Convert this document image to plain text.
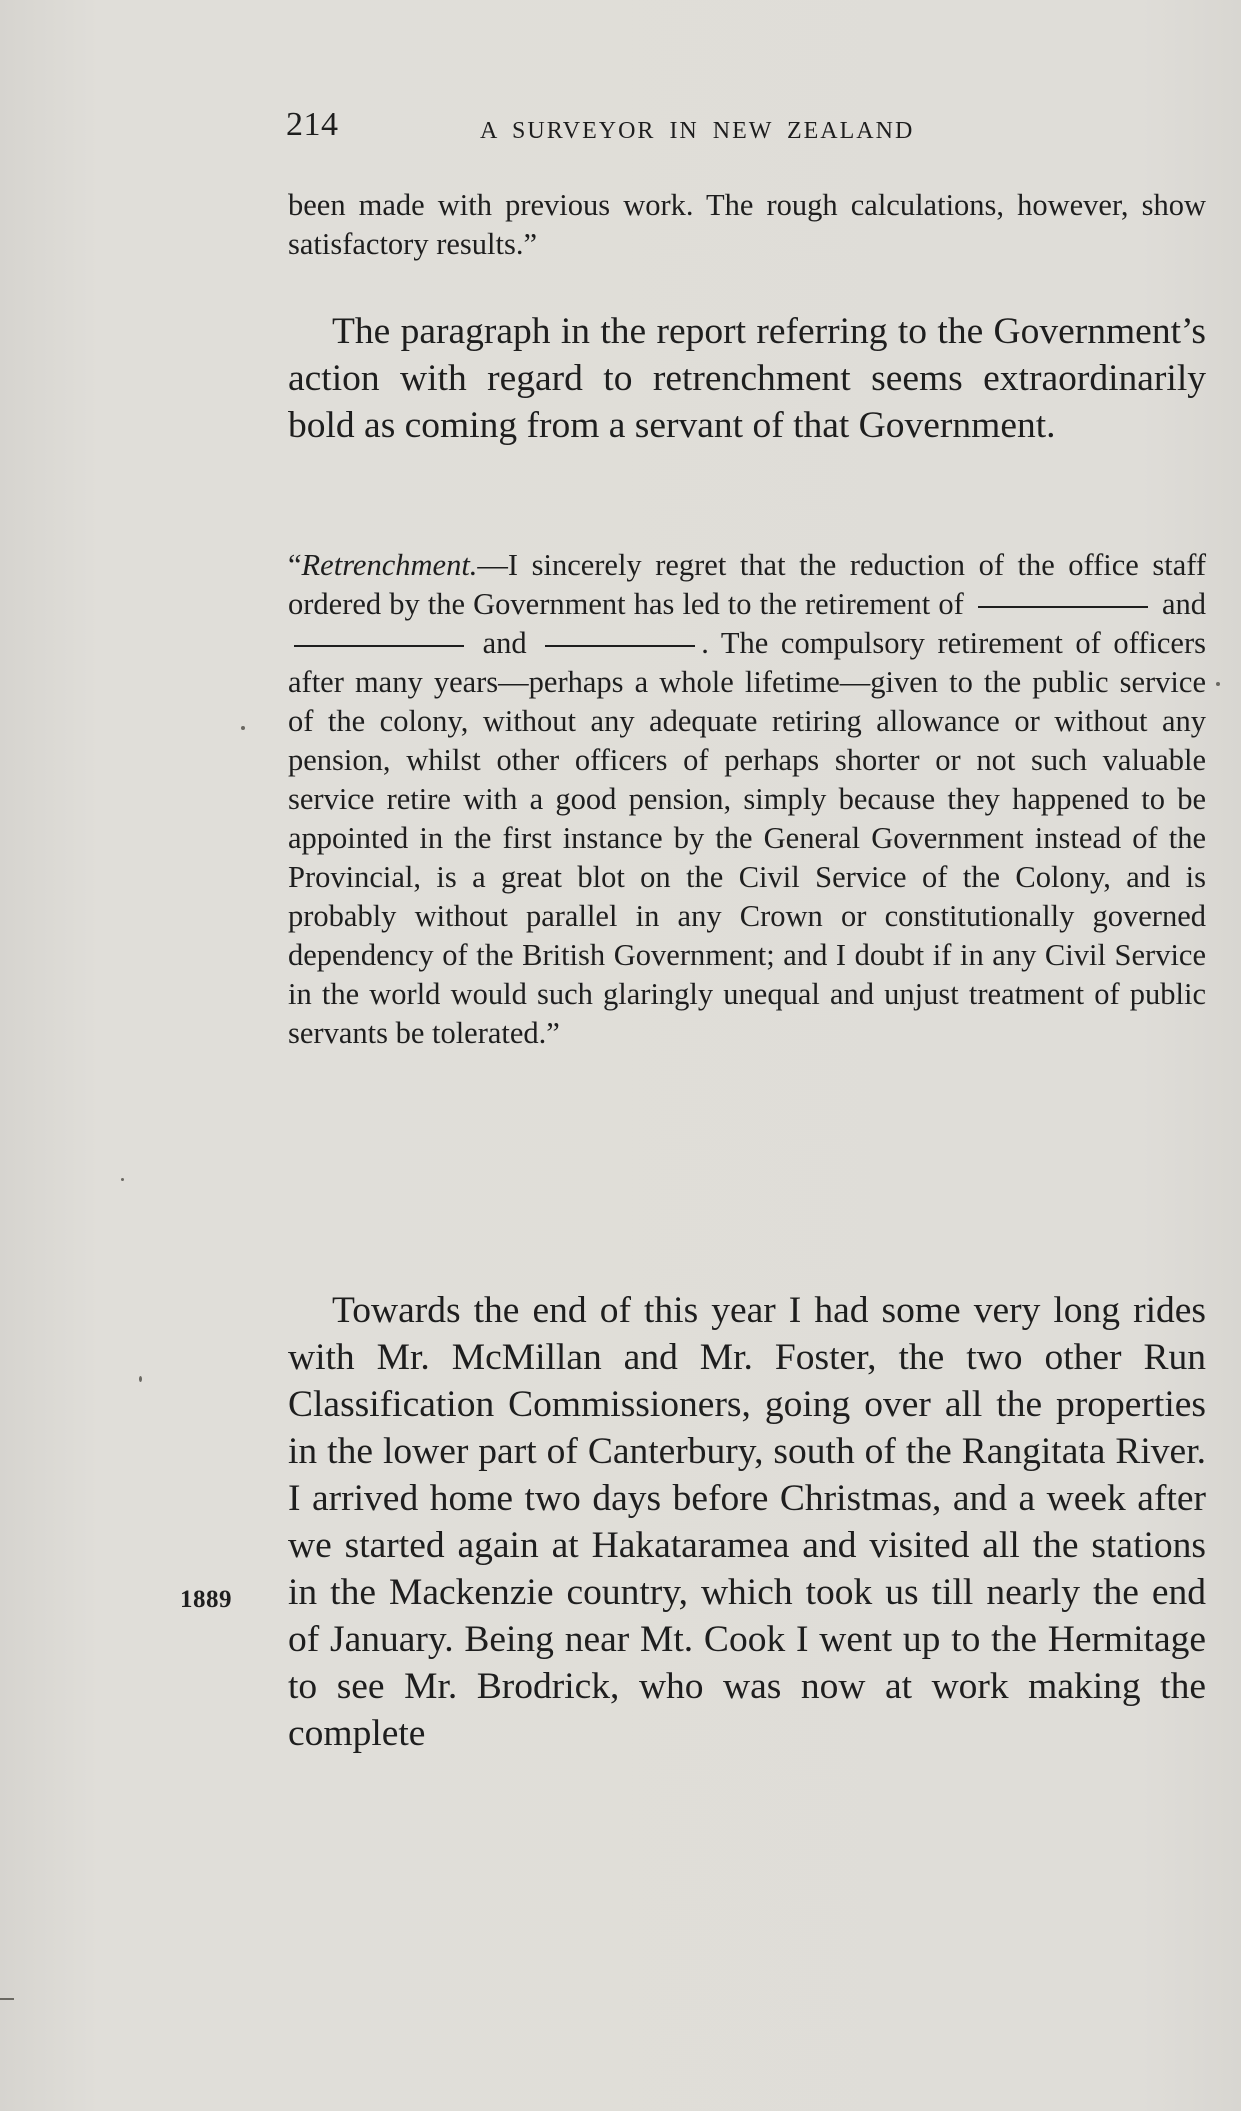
214	A SURVEYOR IN NEW ZEALAND

been made with previous work. The rough calculations, however, show satisfactory results.”

The paragraph in the report referring to the Government’s action with regard to retrenchment seems extraordinarily bold as coming from a servant of that Government.

“Retrenchment.—I sincerely regret that the reduction of the office staff ordered by the Government has led to the retirement of	and  and	. The compulsory retirement of officers after many years—perhaps a whole lifetime—given to the public service of the colony, without any adequate retiring allowance or without any pension, whilst other officers of perhaps shorter or not such valuable service retire with a good pension, simply because they happened to be appointed in the first instance by the General Government instead of the Provincial, is a great blot on the Civil Service of the Colony, and is probably without parallel in any Crown or constitutionally governed dependency of the British Government; and I doubt if in any Civil Service in the world would such glaringly unequal and unjust treatment of public servants be tolerated.”

Towards the end of this year I had some very long rides with Mr. McMillan and Mr. Foster, the two other Run Classification Commissioners, going over all the properties in the lower part of Canterbury, south of the Rangitata River. I arrived home two days before Christmas, and a week after we started again at Hakataramea and visited all the stations in the Mackenzie country, which took us till nearly the end of January. Being near Mt. Cook I went up to the Hermitage to see Mr. Brodrick, who was now at work making the complete

1889
